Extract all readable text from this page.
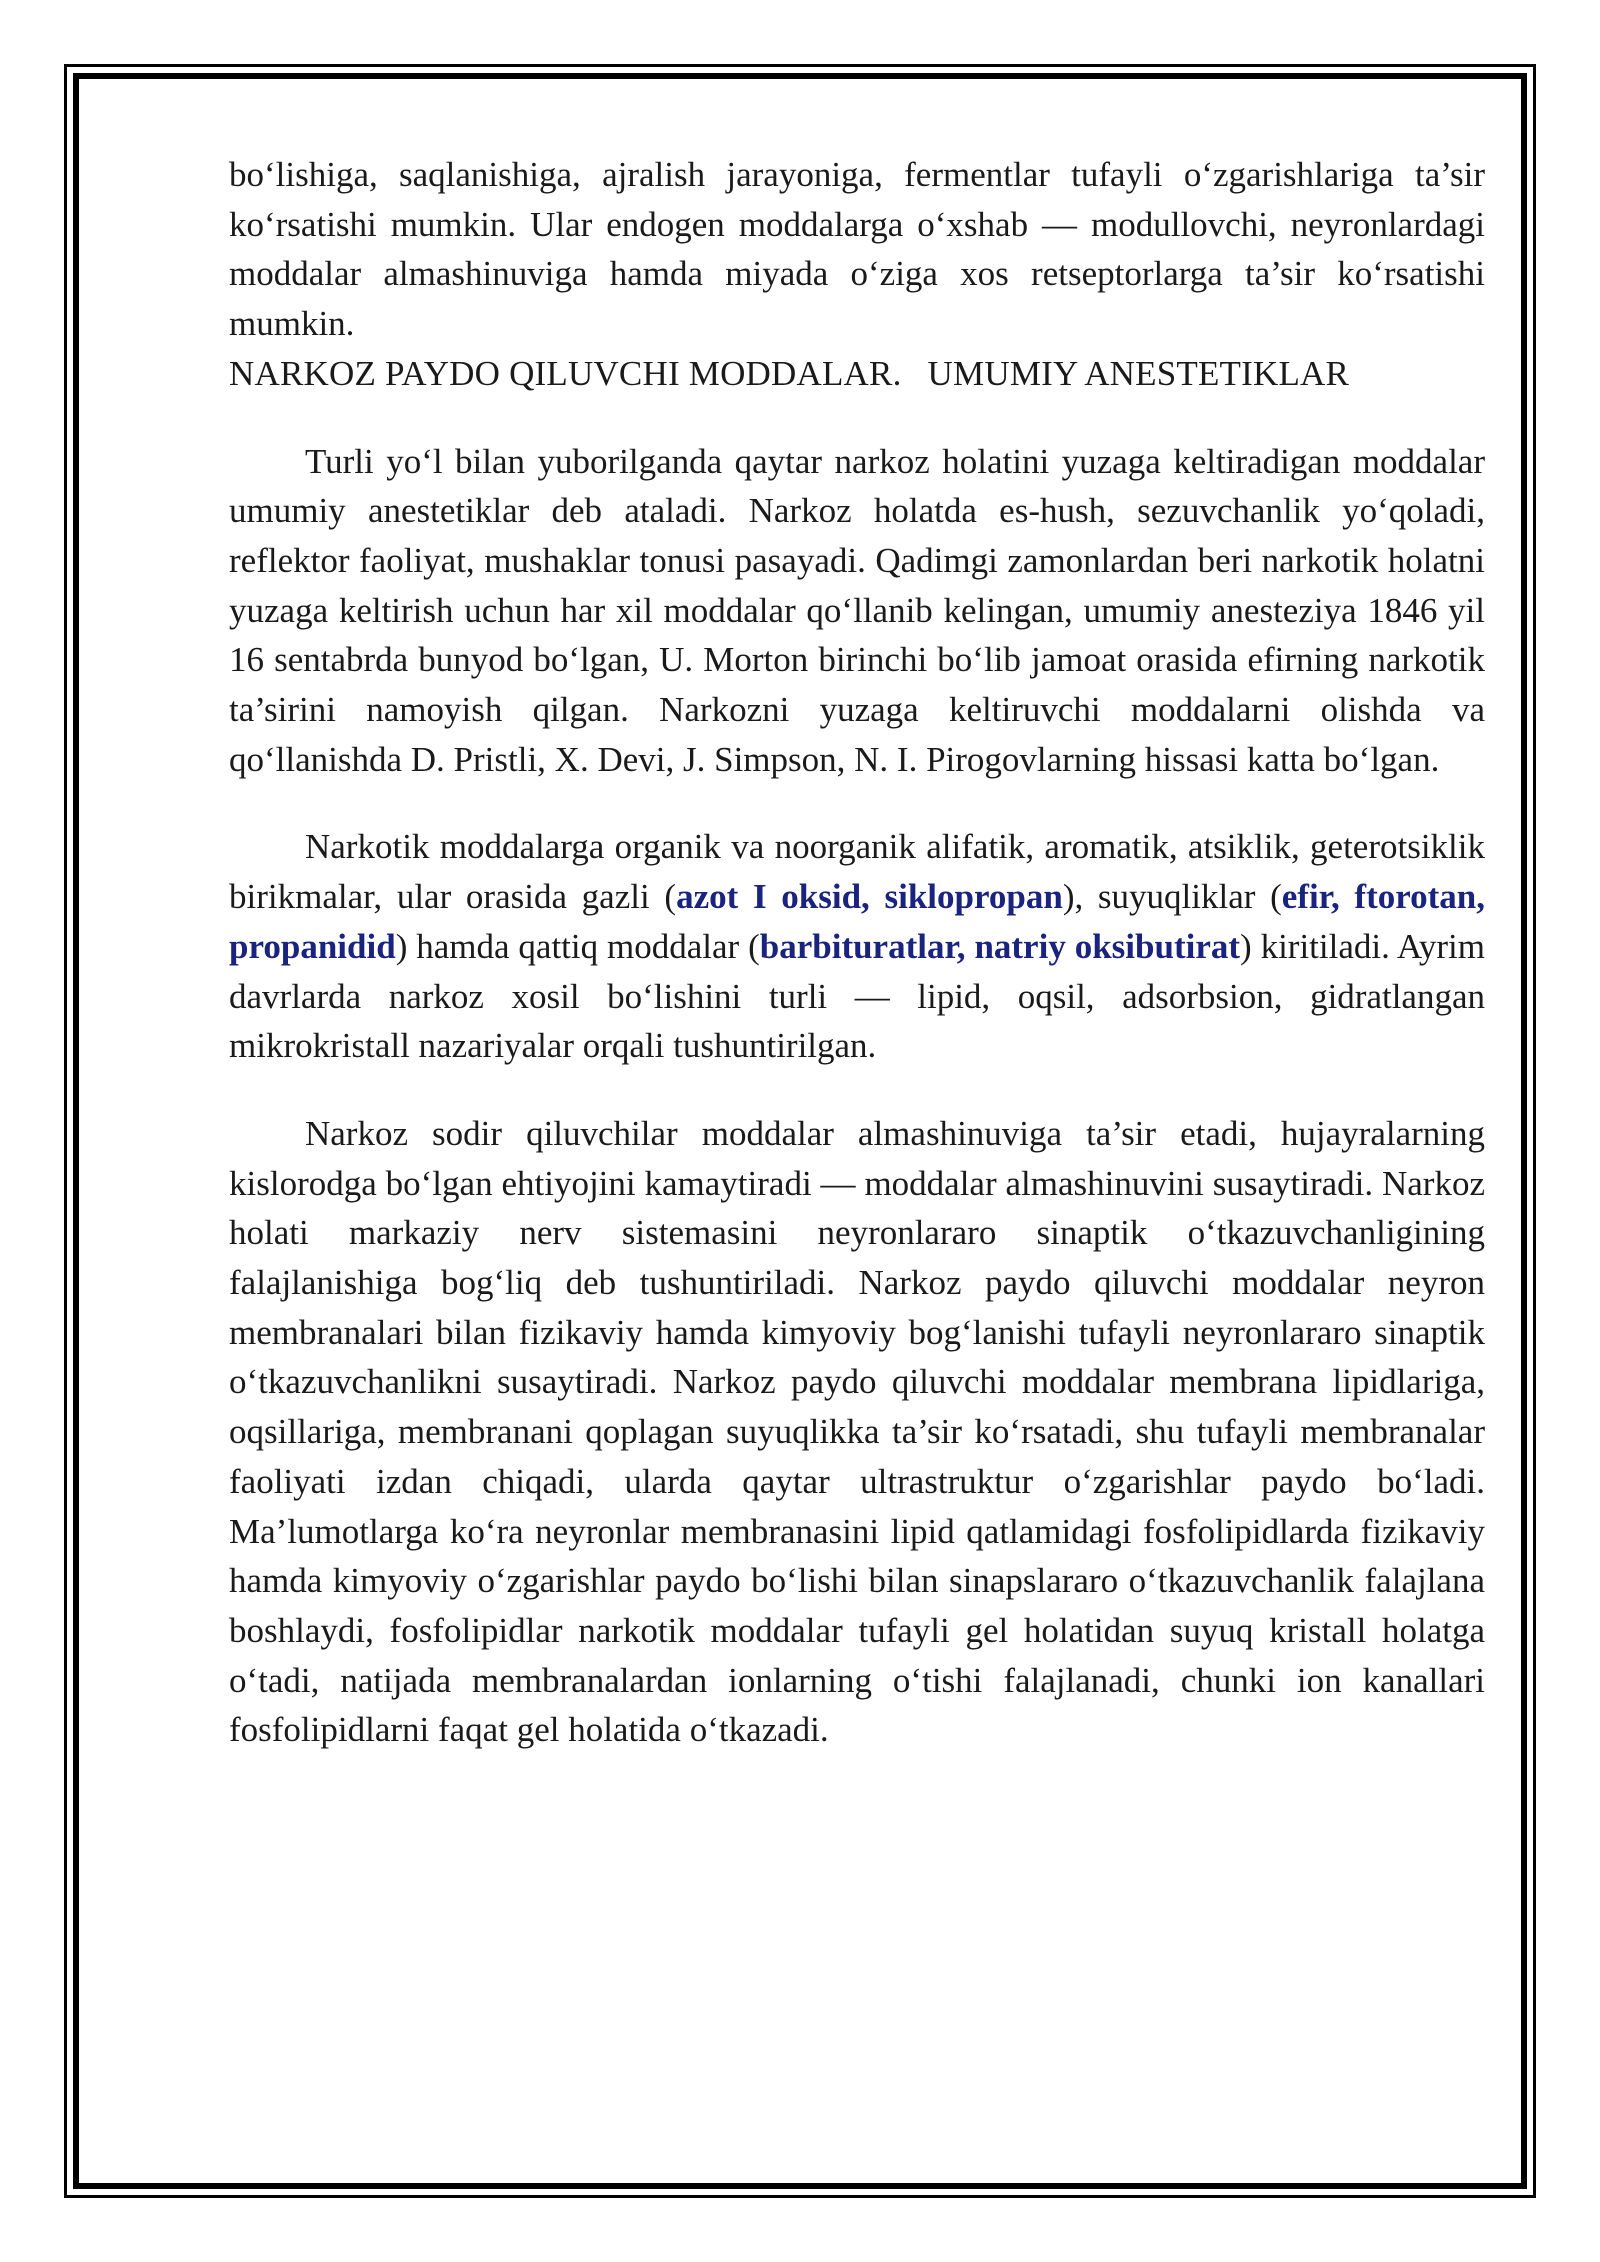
bo‘lishiga, saqlanishiga, ajralish jarayoniga, fermentlar tufayli o‘zgarishlariga ta’sir ko‘rsatishi mumkin. Ular endogen moddalarga o‘xshab — modullovchi, neyronlardagi moddalar almashinuviga hamda miyada o‘ziga xos retseptorlarga ta’sir ko‘rsatishi mumkin.

NARKOZ PAYDO QILUVCHI MODDALAR. UMUMIY ANESTETIKLAR

Turli yo‘l bilan yuborilganda qaytar narkoz holatini yuzaga keltiradigan moddalar umumiy anestetiklar deb ataladi. Narkoz holatda es-hush, sezuvchanlik yo‘qoladi, reflektor faoliyat, mushaklar tonusi pasayadi. Qadimgi zamonlardan beri narkotik holatni yuzaga keltirish uchun har xil moddalar qo‘llanib kelingan, umumiy anesteziya 1846 yil 16 sentabrda bunyod bo‘lgan, U. Morton birinchi bo‘lib jamoat orasida efirning narkotik ta’sirini namoyish qilgan. Narkozni yuzaga keltiruvchi moddalarni olishda va qo‘llanishda D. Pristli, X. Devi, J. Simpson, N. I. Pirogovlarning hissasi katta bo‘lgan.

Narkotik moddalarga organik va noorganik alifatik, aromatik, atsiklik, geterotsiklik birikmalar, ular orasida gazli (azot I oksid, siklopropan), suyuqliklar (efir, ftorotan, propanidid) hamda qattiq moddalar (barbituratlar, natriy oksibutirat) kiritiladi. Ayrim davrlarda narkoz xosil bo‘lishini turli — lipid, oqsil, adsorbsion, gidratlangan mikrokristall nazariyalar orqali tushuntirilgan.

Narkoz sodir qiluvchilar moddalar almashinuviga ta’sir etadi, hujayralarning kislorodga bo‘lgan ehtiyojini kamaytiradi — moddalar almashinuvini susaytiradi. Narkoz holati markaziy nerv sistemasini neyronlararo sinaptik o‘tkazuvchanligining falajlanishiga bog‘liq deb tushuntiriladi. Narkoz paydo qiluvchi moddalar neyron membranalari bilan fizikaviy hamda kimyoviy bog‘lanishi tufayli neyronlararo sinaptik o‘tkazuvchanlikni susaytiradi. Narkoz paydo qiluvchi moddalar membrana lipidlariga, oqsillariga, membranani qoplagan suyuqlikka ta’sir ko‘rsatadi, shu tufayli membranalar faoliyati izdan chiqadi, ularda qaytar ultrastruktur o‘zgarishlar paydo bo‘ladi. Ma’lumotlarga ko‘ra neyronlar membranasini lipid qatlamidagi fosfolipidlarda fizikaviy hamda kimyoviy o‘zgarishlar paydo bo‘lishi bilan sinapslararo o‘tkazuvchanlik falajlana boshlaydi, fosfolipidlar narkotik moddalar tufayli gel holatidan suyuq kristall holatga o‘tadi, natijada membranalardan ionlarning o‘tishi falajlanadi, chunki ion kanallari fosfolipidlarni faqat gel holatida o‘tkazadi.
